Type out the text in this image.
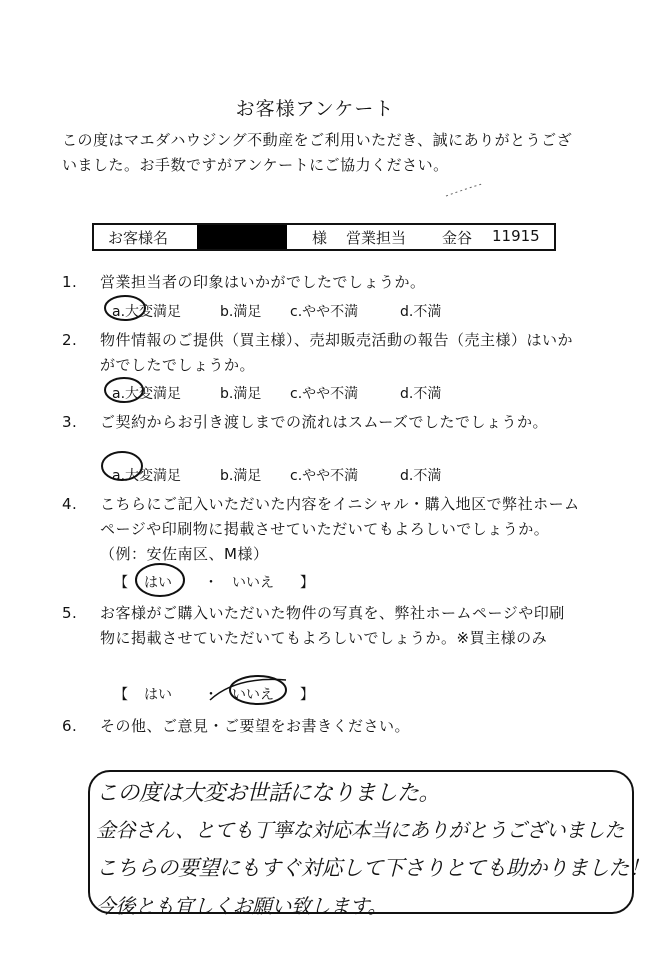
お客様アンケート
この度はマエダハウジング不動産をご利用いただき、誠にありがとうございました。お手数ですがアンケートにご協力ください。
お客様名	様 営業担当 金谷 11915
1.	営業担当者の印象はいかがでしたでしょうか。
a.大変満足	b.満足 c.やや不満	d.不満
2.	物件情報のご提供（買主様）、売却販売活動の報告（売主様）はいかがでしたでしょうか。
a.大変満足	b.満足 c.やや不満	d.不満
3.	ご契約からお引き渡しまでの流れはスムーズでしたでしょうか。
a.大変満足	b.満足 c.やや不満	d.不満
4.	こちらにご記入いただいた内容をイニシャル・購入地区で弊社ホームページや印刷物に掲載させていただいてもよろしいでしょうか。（例：安佐南区、M様）
【 はい ・ いいえ 】
5.	お客様がご購入いただいた物件の写真を、弊社ホームページや印刷物に掲載させていただいてもよろしいでしょうか。※買主様のみ
【 はい ・ いいえ 】
6.	その他、ご意見・ご要望をお書きください。
この度は大変お世話になりました。
金谷さん、とても丁寧な対応本当にありがとうございました
こちらの要望にもすぐ対応して下さりとても助かりました！
今後とも宜しくお願い致します。
